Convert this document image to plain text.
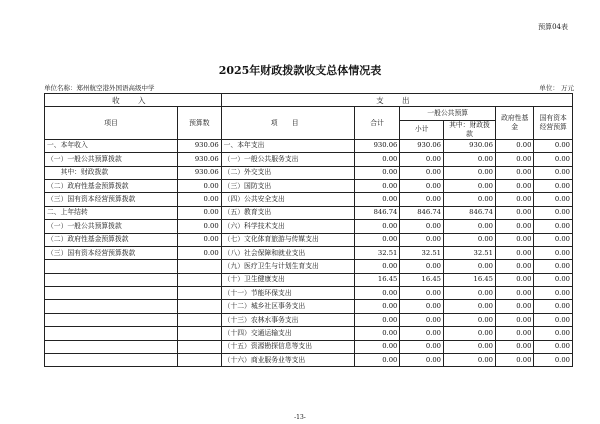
预算04表
2025年财政拨款收支总体情况表
单位名称：郑州航空港外国语高级中学	单位： 万元
收 入		支 出					
项目	预算数	项 目	合计	一般公共预算		政府性基金	国有资本经营预算
				小计	其中：财政拨款		
一、本年收入	930.06	一、本年支出	930.06	930.06	930.06	0.00	0.00
（一）一般公共预算拨款	930.06	（一）一般公共服务支出	0.00	0.00	0.00	0.00	0.00
　　其中：财政拨款	930.06	（二）外交支出	0.00	0.00	0.00	0.00	0.00
（二）政府性基金预算拨款	0.00	（三）国防支出	0.00	0.00	0.00	0.00	0.00
（三）国有资本经营预算拨款	0.00	（四）公共安全支出	0.00	0.00	0.00	0.00	0.00
二、上年结转	0.00	（五）教育支出	846.74	846.74	846.74	0.00	0.00
（一）一般公共预算拨款	0.00	（六）科学技术支出	0.00	0.00	0.00	0.00	0.00
（二）政府性基金预算拨款	0.00	（七）文化体育旅游与传媒支出	0.00	0.00	0.00	0.00	0.00
（三）国有资本经营预算拨款	0.00	（八）社会保障和就业支出	32.51	32.51	32.51	0.00	0.00
		（九）医疗卫生与计划生育支出	0.00	0.00	0.00	0.00	0.00
		（十）卫生健康支出	16.45	16.45	16.45	0.00	0.00
		（十一）节能环保支出	0.00	0.00	0.00	0.00	0.00
		（十二）城乡社区事务支出	0.00	0.00	0.00	0.00	0.00
		（十三）农林水事务支出	0.00	0.00	0.00	0.00	0.00
		（十四）交通运输支出	0.00	0.00	0.00	0.00	0.00
		（十五）资源勘探信息等支出	0.00	0.00	0.00	0.00	0.00
		（十六）商业服务业等支出	0.00	0.00	0.00	0.00	0.00
-13-
